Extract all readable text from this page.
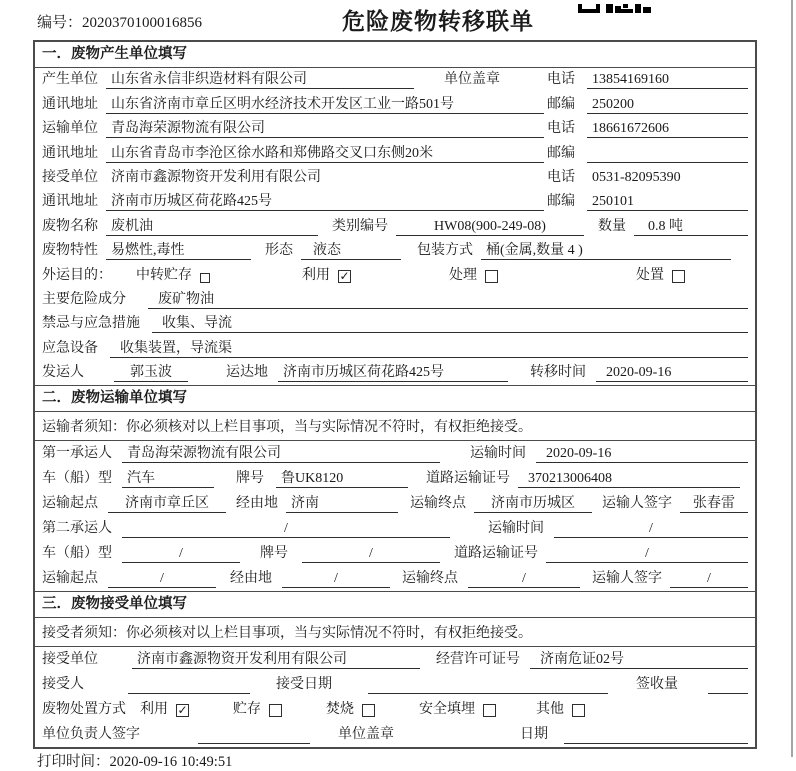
编号：2020370100016856	危险废物转移联单
一．废物产生单位填写
产生单位 山东省永信非织造材料有限公司	单位盖章	电话	13854169160
通讯地址 山东省济南市章丘区明水经济技术开发区工业一路501号	邮编	250200
运输单位 青岛海荣源物流有限公司	电话	18661672606
通讯地址 山东省青岛市李沧区徐水路和郑佛路交叉口东侧20米	邮编
接受单位 济南市鑫源物资开发利用有限公司	电话	0531-82095390
通讯地址 济南市历城区荷花路425号	邮编	250101
废物名称 废机油	类别编号	HW08(900-249-08)	数量	0.8 吨
废物特性 易燃性,毒性	形态	液态	包装方式 桶(金属,数量 4 )
外运目的： 中转贮存	利用 ✓	处理	处置
主要危险成分	废矿物油
禁忌与应急措施	收集、导流
应急设备	收集装置，导流渠
发运人	郭玉波	运达地	济南市历城区荷花路425号	转移时间	2020-09-16
二．废物运输单位填写
运输者须知： 你必须核对以上栏目事项，当与实际情况不符时，有权拒绝接受。
第一承运人	青岛海荣源物流有限公司	运输时间	2020-09-16
车（船）型	汽车	牌号	鲁UK8120	道路运输证号	370213006408
运输起点	济南市章丘区	经由地 济南	运输终点	济南市历城区	运输人签字	张春雷
第二承运人	/	运输时间	/
车（船）型	/	牌号	/	道路运输证号	/
运输起点	/	经由地	/	运输终点	/	运输人签字	/
三．废物接受单位填写
接受者须知： 你必须核对以上栏目事项，当与实际情况不符时，有权拒绝接受。
接受单位	济南市鑫源物资开发利用有限公司	经营许可证号	济南危证02号
接受人	接受日期	签收量
废物处置方式 利用 ✓	贮存	焚烧	安全填埋	其他
单位负责人签字	单位盖章	日期
打印时间：2020-09-16 10:49:51
